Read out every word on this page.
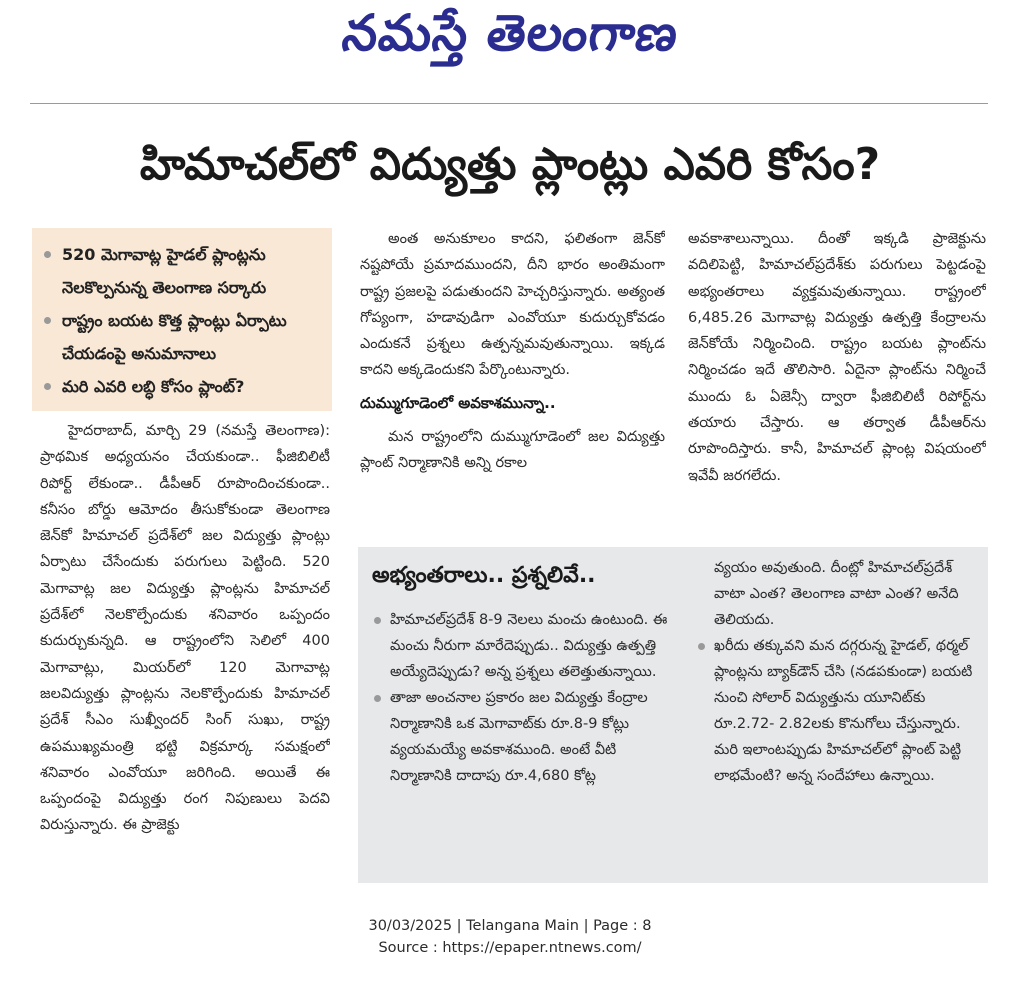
నమస్తే తెలంగాణ
హిమాచల్‌లో విద్యుత్తు ప్లాంట్లు ఎవరి కోసం?
520 మెగావాట్ల హైడల్ ప్లాంట్లను నెలకొల్పనున్న తెలంగాణ సర్కారు
రాష్ట్రం బయట కొత్త ప్లాంట్లు ఏర్పాటు చేయడంపై అనుమానాలు
మరి ఎవరి లబ్ధి కోసం ప్లాంట్?

హైదరాబాద్, మార్చి 29 (నమస్తే తెలంగాణ): ప్రాథమిక అధ్యయనం చేయకుండా.. ఫీజిబిలిటీ రిపోర్ట్ లేకుండా.. డీపీఆర్ రూపొందించకుండా.. కనీసం బోర్డు ఆమోదం తీసుకోకుండా తెలంగాణ జెన్‌కో హిమాచల్ ప్రదేశ్‌లో జల విద్యుత్తు ప్లాంట్లు ఏర్పాటు చేసేందుకు పరుగులు పెట్టింది. 520 మెగావాట్ల జల విద్యుత్తు ప్లాంట్లను హిమాచల్ ప్రదేశ్‌లో నెలకొల్పేందుకు శనివారం ఒప్పందం కుదుర్చుకున్నది. ఆ రాష్ట్రంలోని సెలిలో 400 మెగావాట్లు, మియర్‌లో 120 మెగావాట్ల జలవిద్యుత్తు ప్లాంట్లను నెలకొల్పేందుకు హిమాచల్ ప్రదేశ్ సీఎం సుఖ్వీందర్ సింగ్ సుఖు, రాష్ట్ర ఉపముఖ్యమంత్రి భట్టి విక్రమార్క సమక్షంలో శనివారం ఎంవోయూ జరిగింది. అయితే ఈ ఒప్పందంపై విద్యుత్తు రంగ నిపుణులు పెదవి విరుస్తున్నారు. ఈ ప్రాజెక్టు

అంత అనుకూలం కాదని, ఫలితంగా జెన్‌కో నష్టపోయే ప్రమాదముందని, దీని భారం అంతిమంగా రాష్ట్ర ప్రజలపై పడుతుందని హెచ్చరిస్తున్నారు. అత్యంత గోప్యంగా, హడావుడిగా ఎంవోయూ కుదుర్చుకోవడం ఎందుకనే ప్రశ్నలు ఉత్పన్నమవుతున్నాయి. ఇక్కడ కాదని అక్కడెందుకని పేర్కొంటున్నారు.

దుమ్ముగూడెంలో అవకాశమున్నా..

మన రాష్ట్రంలోని దుమ్ముగూడెంలో జల విద్యుత్తు ప్లాంట్ నిర్మాణానికి అన్ని రకాల

అవకాశాలున్నాయి. దీంతో ఇక్కడి ప్రాజెక్టును వదిలిపెట్టి, హిమాచల్‌ప్రదేశ్‌కు పరుగులు పెట్టడంపై అభ్యంతరాలు వ్యక్తమవుతున్నాయి. రాష్ట్రంలో 6,485.26 మెగావాట్ల విద్యుత్తు ఉత్పత్తి కేంద్రాలను జెన్‌కోయే నిర్మించింది. రాష్ట్రం బయట ప్లాంట్‌ను నిర్మించడం ఇదే తొలిసారి. ఏదైనా ప్లాంట్‌ను నిర్మించే ముందు ఓ ఏజెన్సీ ద్వారా ఫీజిబిలిటీ రిపోర్ట్‌ను తయారు చేస్తారు. ఆ తర్వాత డీపీఆర్‌ను రూపొందిస్తారు. కానీ, హిమాచల్ ప్లాంట్ల విషయంలో ఇవేవీ జరగలేదు.

అభ్యంతరాలు.. ప్రశ్నలివే..
హిమాచల్‌ప్రదేశ్ 8-9 నెలలు మంచు ఉంటుంది. ఈ మంచు నీరుగా మారేదెప్పుడు.. విద్యుత్తు ఉత్పత్తి అయ్యేదెప్పుడు? అన్న ప్రశ్నలు తలెత్తుతున్నాయి.
తాజా అంచనాల ప్రకారం జల విద్యుత్తు కేంద్రాల నిర్మాణానికి ఒక మెగావాట్‌కు రూ.8-9 కోట్లు వ్యయమయ్యే అవకాశముంది. అంటే వీటి నిర్మాణానికి దాదాపు రూ.4,680 కోట్ల

వ్యయం అవుతుంది. దీంట్లో హిమాచల్‌ప్రదేశ్ వాటా ఎంత? తెలంగాణ వాటా ఎంత? అనేది తెలియదు.

ఖరీదు తక్కువని మన దగ్గరున్న హైడల్, థర్మల్ ప్లాంట్లను బ్యాక్‌డౌన్ చేసి (నడపకుండా) బయటి నుంచి సోలార్ విద్యుత్తును యూనిట్‌కు రూ.2.72- 2.82లకు కొనుగోలు చేస్తున్నారు. మరి ఇలాంటప్పుడు హిమాచల్‌లో ప్లాంట్ పెట్టి లాభమేంటి? అన్న సందేహాలు ఉన్నాయి.
30/03/2025 | Telangana Main | Page : 8
Source : https://epaper.ntnews.com/
